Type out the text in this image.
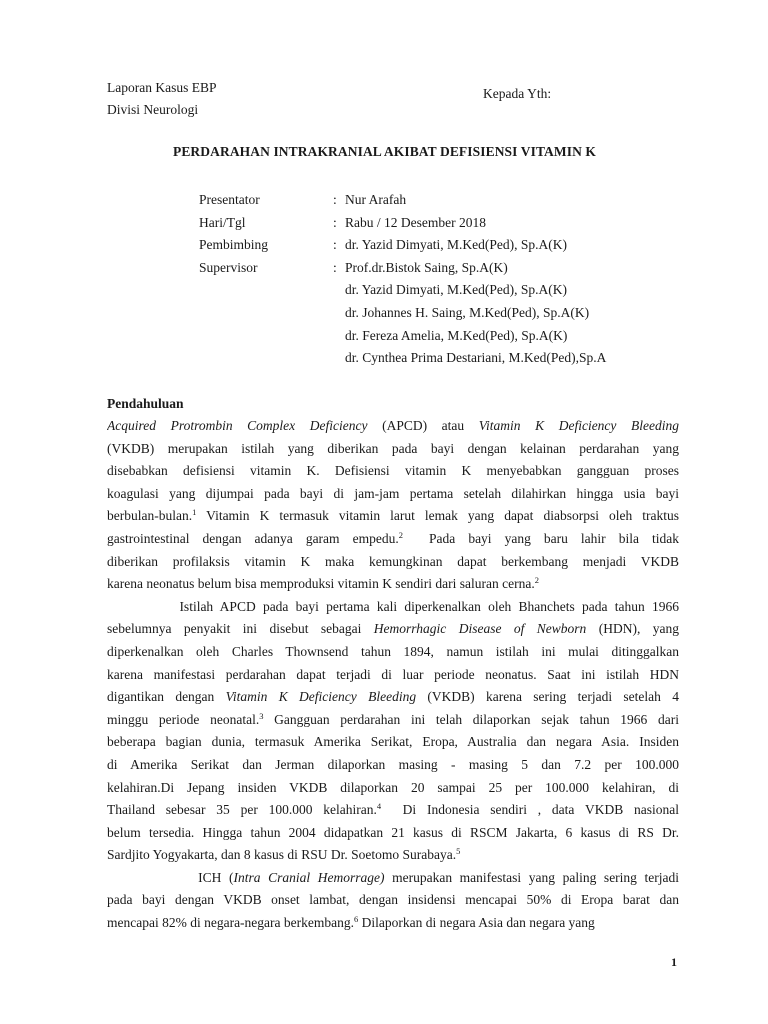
Laporan Kasus EBP
Divisi Neurologi
Kepada Yth:
PERDARAHAN INTRAKRANIAL AKIBAT DEFISIENSI VITAMIN K
Presentator	: Nur Arafah
Hari/Tgl	: Rabu / 12 Desember 2018
Pembimbing	: dr. Yazid Dimyati, M.Ked(Ped), Sp.A(K)
Supervisor	: Prof.dr.Bistok Saing, Sp.A(K)
dr. Yazid Dimyati, M.Ked(Ped), Sp.A(K)
dr. Johannes H. Saing, M.Ked(Ped), Sp.A(K)
dr. Fereza Amelia, M.Ked(Ped), Sp.A(K)
dr. Cynthea Prima Destariani, M.Ked(Ped),Sp.A
Pendahuluan
Acquired Protrombin Complex Deficiency (APCD) atau Vitamin K Deficiency Bleeding
(VKDB) merupakan istilah yang diberikan pada bayi dengan kelainan perdarahan yang
disebabkan defisiensi vitamin K. Defisiensi vitamin K menyebabkan gangguan proses
koagulasi yang dijumpai pada bayi di jam-jam pertama setelah dilahirkan hingga usia bayi
berbulan-bulan.$^1$ Vitamin K termasuk vitamin larut lemak yang dapat diabsorpsi oleh traktus
gastrointestinal dengan adanya garam empedu.$^2$  Pada bayi yang baru lahir bila tidak
diberikan profilaksis vitamin K maka kemungkinan dapat berkembang menjadi VKDB
karena neonatus belum bisa memproduksi vitamin K sendiri dari saluran cerna.$^2$
Istilah APCD pada bayi pertama kali diperkenalkan oleh Bhanchets pada tahun 1966
sebelumnya penyakit ini disebut sebagai Hemorrhagic Disease of Newborn (HDN), yang
diperkenalkan oleh Charles Thownsend tahun 1894, namun istilah ini mulai ditinggalkan
karena manifestasi perdarahan dapat terjadi di luar periode neonatus. Saat ini istilah HDN
digantikan dengan Vitamin K Deficiency Bleeding (VKDB) karena sering terjadi setelah 4
minggu periode neonatal.$^3$ Gangguan perdarahan ini telah dilaporkan sejak tahun 1966 dari
beberapa bagian dunia, termasuk Amerika Serikat, Eropa, Australia dan negara Asia. Insiden
di Amerika Serikat dan Jerman dilaporkan masing - masing 5 dan 7.2 per 100.000
kelahiran.Di Jepang insiden VKDB dilaporkan 20 sampai 25 per 100.000 kelahiran, di
Thailand sebesar 35 per 100.000 kelahiran.$^4$  Di Indonesia sendiri , data VKDB nasional
belum tersedia. Hingga tahun 2004 didapatkan 21 kasus di RSCM Jakarta, 6 kasus di RS Dr.
Sardjito Yogyakarta, dan 8 kasus di RSU Dr. Soetomo Surabaya.$^5$
ICH (Intra Cranial Hemorrage) merupakan manifestasi yang paling sering terjadi
pada bayi dengan VKDB onset lambat, dengan insidensi mencapai 50% di Eropa barat dan
mencapai 82% di negara-negara berkembang.$^6$ Dilaporkan di negara Asia dan negara yang
1
